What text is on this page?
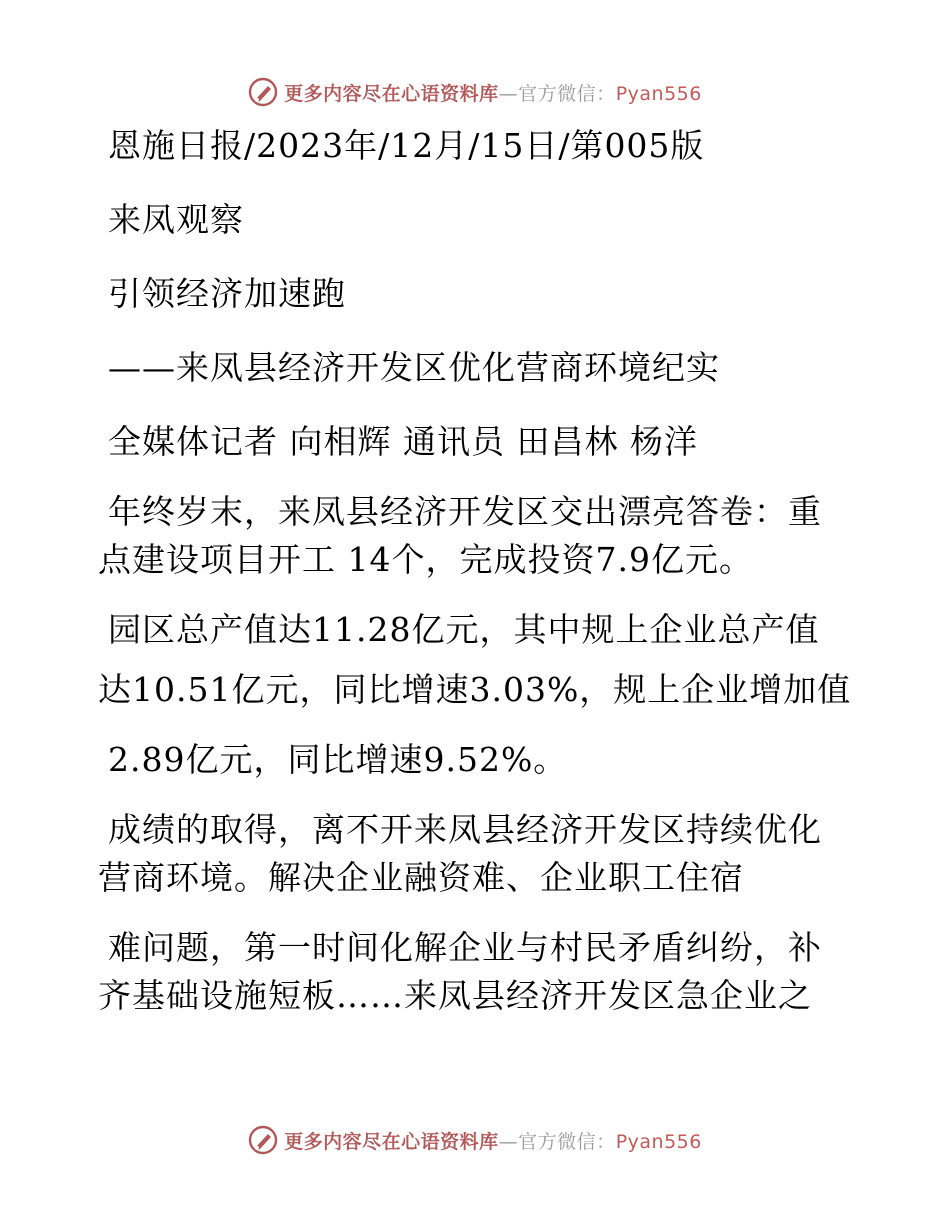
更多内容尽在心语资料库—官方微信：Pyan556

恩施日报/2023年/12月/15日/第005版

来凤观察

引领经济加速跑

——来凤县经济开发区优化营商环境纪实

全媒体记者 向相辉 通讯员 田昌林 杨洋

年终岁末，来凤县经济开发区交出漂亮答卷：重

点建设项目开工 14个，完成投资7.9亿元。

园区总产值达11.28亿元，其中规上企业总产值

达10.51亿元，同比增速3.03%，规上企业增加值

2.89亿元，同比增速9.52%。

成绩的取得，离不开来凤县经济开发区持续优化

营商环境。解决企业融资难、企业职工住宿

难问题，第一时间化解企业与村民矛盾纠纷，补

齐基础设施短板……来凤县经济开发区急企业之

更多内容尽在心语资料库—官方微信：Pyan556
